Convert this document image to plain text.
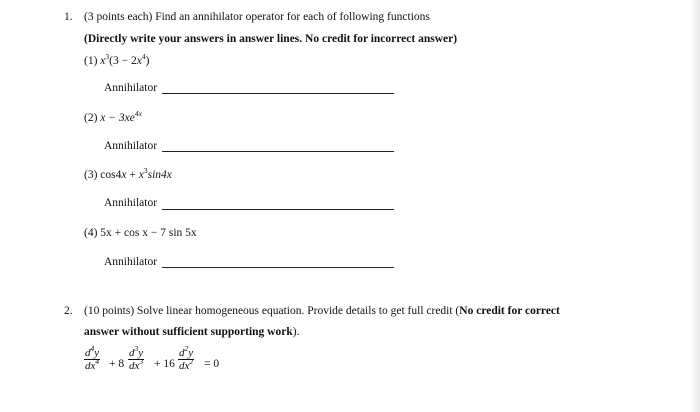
1. (3 points each) Find an annihilator operator for each of following functions
(Directly write your answers in answer lines. No credit for incorrect answer)
(1) $x^3(3 - 2x^4)$
Annihilator
(2) $x - 3xe^{4x}$
Annihilator
(3) $\cos 4x + x^3\sin 4x$
Annihilator
(4) 5x + cos x − 7 sin 5x
Annihilator
2. (10 points) Solve linear homogeneous equation. Provide details to get full credit (No credit for correct
answer without sufficient supporting work).
$\frac{d^4y}{dx^4} + 8 \frac{d^3y}{dx^3} + 16 \frac{d^2y}{dx^2} = 0$
